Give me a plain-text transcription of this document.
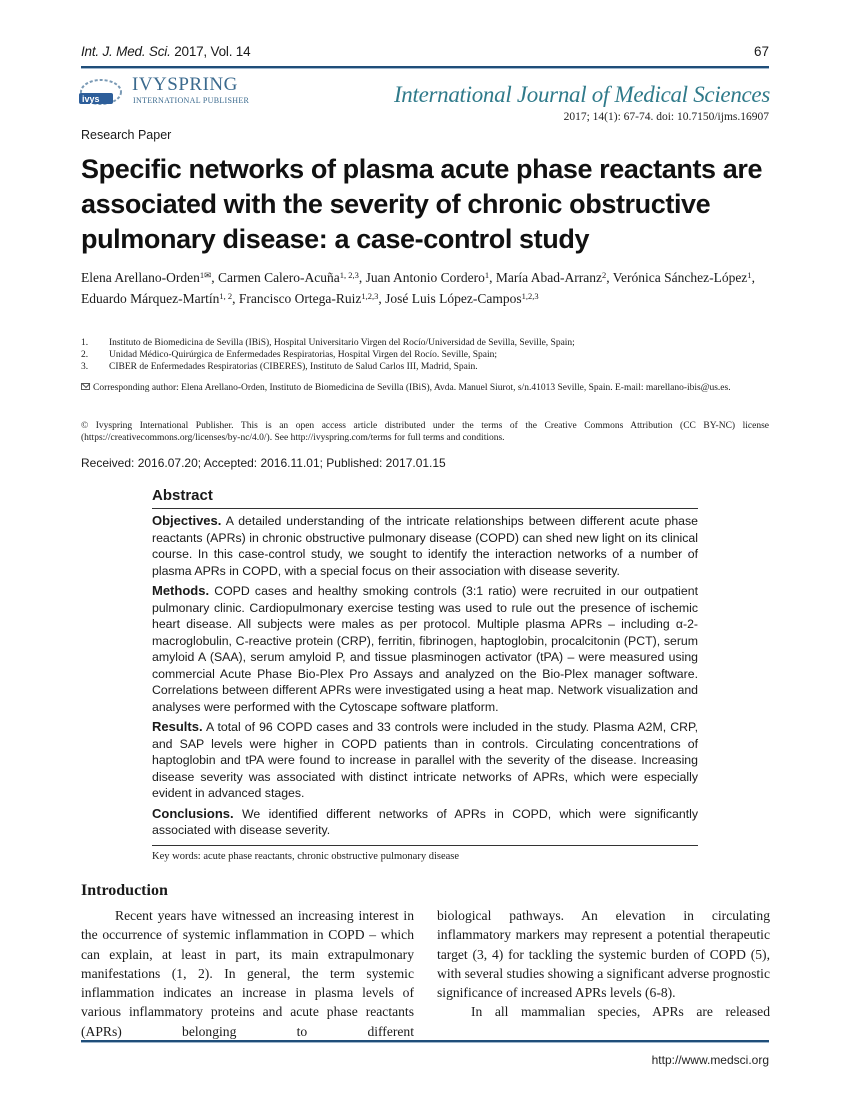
Int. J. Med. Sci. 2017, Vol. 14	67
ivys
IVYSPRING
INTERNATIONAL PUBLISHER	International Journal of Medical Sciences
2017; 14(1): 67-74. doi: 10.7150/ijms.16907
Research Paper
Specific networks of plasma acute phase reactants are associated with the severity of chronic obstructive pulmonary disease: a case-control study
Elena Arellano-Orden$^{1✉}$, Carmen Calero-Acuña$^{1, 2,3}$, Juan Antonio Cordero$^1$, María Abad-Arranz$^2$, Verónica Sánchez-López$^1$, Eduardo Márquez-Martín$^{1, 2}$, Francisco Ortega-Ruiz$^{1,2,3}$, José Luis López-Campos$^{1,2,3}$
1.	Instituto de Biomedicina de Sevilla (IBiS), Hospital Universitario Virgen del Rocío/Universidad de Sevilla, Seville, Spain;
2.	Unidad Médico-Quirúrgica de Enfermedades Respiratorias, Hospital Virgen del Rocío. Seville, Spain;
3.	CIBER de Enfermedades Respiratorias (CIBERES), Instituto de Salud Carlos III, Madrid, Spain.
Corresponding author: Elena Arellano-Orden, Instituto de Biomedicina de Sevilla (IBiS), Avda. Manuel Siurot, s/n.41013 Seville, Spain. E-mail: marellano-ibis@us.es.
© Ivyspring International Publisher. This is an open access article distributed under the terms of the Creative Commons Attribution (CC BY-NC) license (https://creativecommons.org/licenses/by-nc/4.0/). See http://ivyspring.com/terms for full terms and conditions.
Received: 2016.07.20; Accepted: 2016.11.01; Published: 2017.01.15
Abstract

Objectives. A detailed understanding of the intricate relationships between different acute phase reactants (APRs) in chronic obstructive pulmonary disease (COPD) can shed new light on its clinical course. In this case-control study, we sought to identify the interaction networks of a number of plasma APRs in COPD, with a special focus on their association with disease severity.

Methods. COPD cases and healthy smoking controls (3:1 ratio) were recruited in our outpatient pulmonary clinic. Cardiopulmonary exercise testing was used to rule out the presence of ischemic heart disease. All subjects were males as per protocol. Multiple plasma APRs – including α-2-macroglobulin, C-reactive protein (CRP), ferritin, fibrinogen, haptoglobin, procalcitonin (PCT), serum amyloid A (SAA), serum amyloid P, and tissue plasminogen activator (tPA) – were measured using commercial Acute Phase Bio-Plex Pro Assays and analyzed on the Bio-Plex manager software. Correlations between different APRs were investigated using a heat map. Network visualization and analyses were performed with the Cytoscape software platform.

Results. A total of 96 COPD cases and 33 controls were included in the study. Plasma A2M, CRP, and SAP levels were higher in COPD patients than in controls. Circulating concentrations of haptoglobin and tPA were found to increase in parallel with the severity of the disease. Increasing disease severity was associated with distinct intricate networks of APRs, which were especially evident in advanced stages.

Conclusions. We identified different networks of APRs in COPD, which were significantly associated with disease severity.

Key words: acute phase reactants, chronic obstructive pulmonary disease
Introduction

Recent years have witnessed an increasing interest in the occurrence of systemic inflammation in COPD – which can explain, at least in part, its main extrapulmonary manifestations (1, 2). In general, the term systemic inflammation indicates an increase in plasma levels of various inflammatory proteins and acute phase reactants (APRs) belonging to different

biological pathways. An elevation in circulating inflammatory markers may represent a potential therapeutic target (3, 4) for tackling the systemic burden of COPD (5), with several studies showing a significant adverse prognostic significance of increased APRs levels (6-8).

In all mammalian species, APRs are released

http://www.medsci.org
